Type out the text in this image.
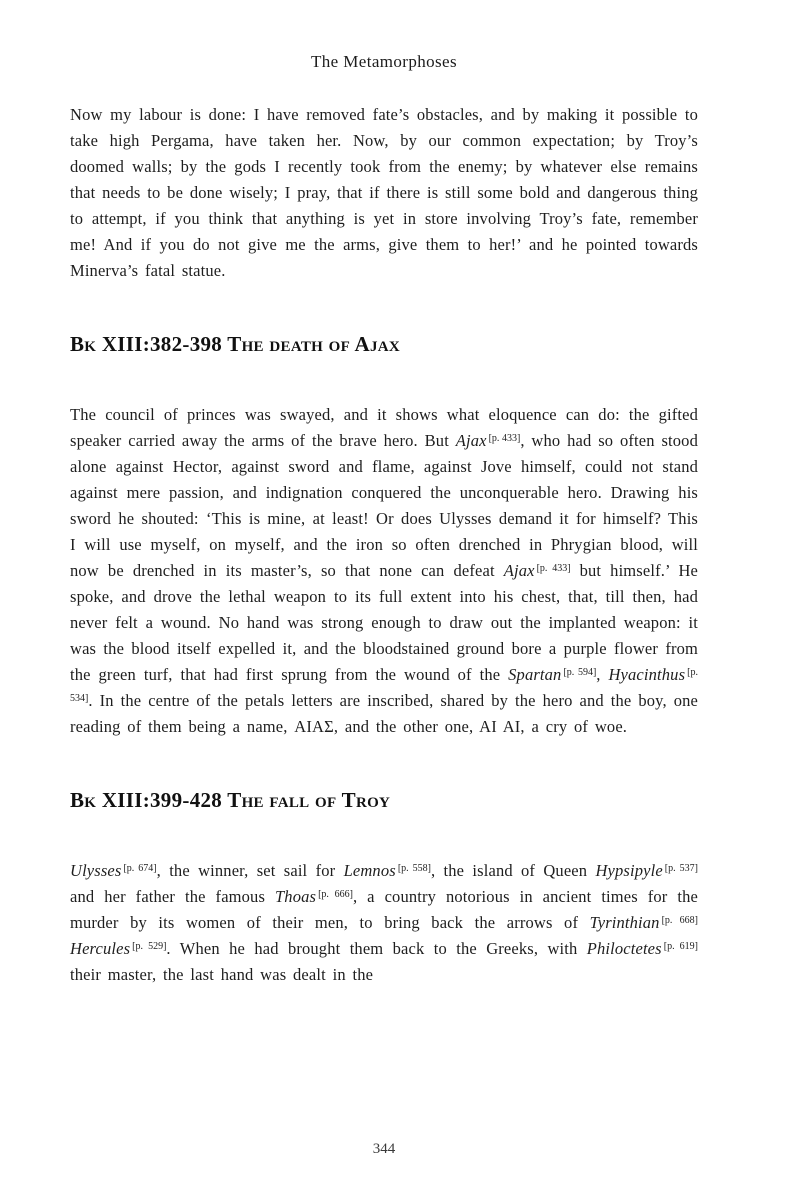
The Metamorphoses

Now my labour is done: I have removed fate’s obstacles, and by making it possible to take high Pergama, have taken her. Now, by our common expectation; by Troy’s doomed walls; by the gods I recently took from the enemy; by whatever else remains that needs to be done wisely; I pray, that if there is still some bold and dangerous thing to attempt, if you think that anything is yet in store involving Troy’s fate, remember me! And if you do not give me the arms, give them to her!’ and he pointed towards Minerva’s fatal statue.

Bk XIII:382-398 The death of Ajax

The council of princes was swayed, and it shows what eloquence can do: the gifted speaker carried away the arms of the brave hero. But Ajax [p. 433], who had so often stood alone against Hector, against sword and flame, against Jove himself, could not stand against mere passion, and indignation conquered the unconquerable hero. Drawing his sword he shouted: ‘This is mine, at least! Or does Ulysses demand it for himself? This I will use myself, on myself, and the iron so often drenched in Phrygian blood, will now be drenched in its master’s, so that none can defeat Ajax [p. 433] but himself.’ He spoke, and drove the lethal weapon to its full extent into his chest, that, till then, had never felt a wound. No hand was strong enough to draw out the implanted weapon: it was the blood itself expelled it, and the bloodstained ground bore a purple flower from the green turf, that had first sprung from the wound of the Spartan [p. 594], Hyacinthus [p. 534]. In the centre of the petals letters are inscribed, shared by the hero and the boy, one reading of them being a name, ΑΙΑΣ, and the other one, AI AI, a cry of woe.

Bk XIII:399-428 The fall of Troy

Ulysses [p. 674], the winner, set sail for Lemnos [p. 558], the island of Queen Hypsipyle [p. 537] and her father the famous Thoas [p. 666], a country notorious in ancient times for the murder by its women of their men, to bring back the arrows of Tyrinthian [p. 668] Hercules [p. 529]. When he had brought them back to the Greeks, with Philoctetes [p. 619] their master, the last hand was dealt in the

344
